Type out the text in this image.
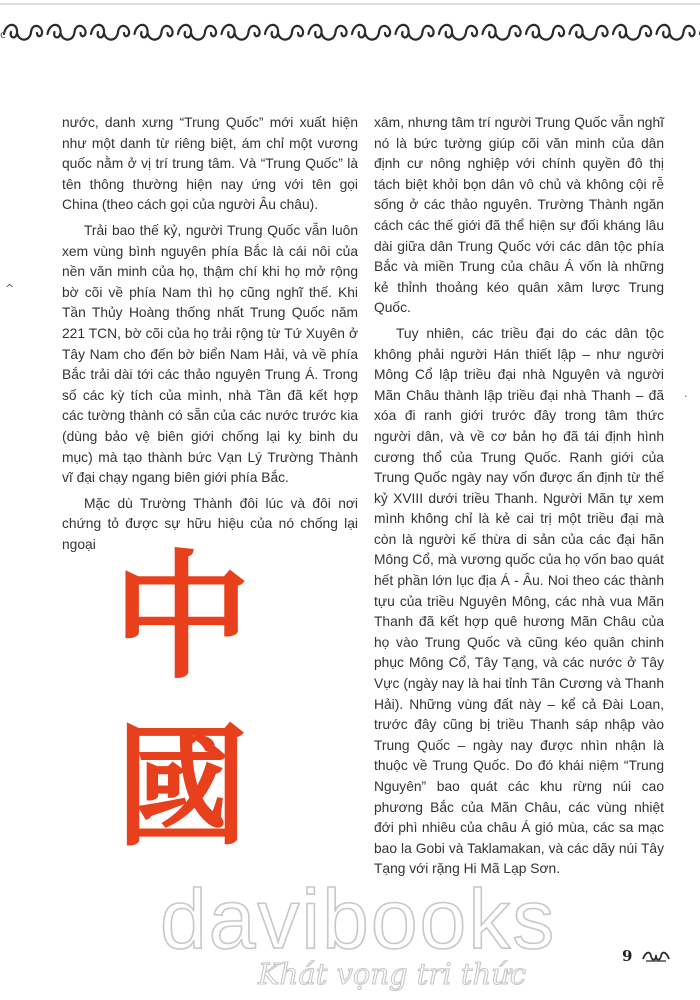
c
^
·

nước, danh xưng “Trung Quốc” mới xuất hiện như một danh từ riêng biệt, ám chỉ một vương quốc nằm ở vị trí trung tâm. Và “Trung Quốc” là tên thông thường hiện nay ứng với tên gọi China (theo cách gọi của người Âu châu).

Trải bao thế kỷ, người Trung Quốc vẫn luôn xem vùng bình nguyên phía Bắc là cái nôi của nền văn minh của họ, thậm chí khi họ mở rộng bờ cõi về phía Nam thì họ cũng nghĩ thế. Khi Tần Thủy Hoàng thống nhất Trung Quốc năm 221 TCN, bờ cõi của họ trải rộng từ Tứ Xuyên ở Tây Nam cho đến bờ biển Nam Hải, và về phía Bắc trải dài tới các thảo nguyên Trung Á. Trong số các kỳ tích của mình, nhà Tần đã kết hợp các tường thành có sẵn của các nước trước kia (dùng bảo vệ biên giới chống lại kỵ binh du mục) mà tạo thành bức Vạn Lý Trường Thành vĩ đại chạy ngang biên giới phía Bắc.

Mặc dù Trường Thành đôi lúc và đôi nơi chứng tỏ được sự hữu hiệu của nó chống lại ngoại

xâm, nhưng tâm trí người Trung Quốc vẫn nghĩ nó là bức tường giúp cõi văn minh của dân định cư nông nghiệp với chính quyền đô thị tách biệt khỏi bọn dân vô chủ và không cội rễ sống ở các thảo nguyên. Trường Thành ngăn cách các thế giới đã thể hiện sự đối kháng lâu dài giữa dân Trung Quốc với các dân tộc phía Bắc và miền Trung của châu Á vốn là những kẻ thỉnh thoảng kéo quân xâm lược Trung Quốc.

Tuy nhiên, các triều đại do các dân tộc không phải người Hán thiết lập – như người Mông Cổ lập triều đại nhà Nguyên và người Mãn Châu thành lập triều đại nhà Thanh – đã xóa đi ranh giới trước đây trong tâm thức người dân, và về cơ bản họ đã tái định hình cương thổ của Trung Quốc. Ranh giới của Trung Quốc ngày nay vốn được ấn định từ thế kỷ XVIII dưới triều Thanh. Người Mãn tự xem mình không chỉ là kẻ cai trị một triều đại mà còn là người kế thừa di sản của các đại hãn Mông Cổ, mà vương quốc của họ vốn bao quát hết phần lớn lục địa Á - Âu. Noi theo các thành tựu của triều Nguyên Mông, các nhà vua Mãn Thanh đã kết hợp quê hương Mãn Châu của họ vào Trung Quốc và cũng kéo quân chinh phục Mông Cổ, Tây Tạng, và các nước ở Tây Vực (ngày nay là hai tỉnh Tân Cương và Thanh Hải). Những vùng đất này – kể cả Đài Loan, trước đây cũng bị triều Thanh sáp nhập vào Trung Quốc – ngày nay được nhìn nhận là thuộc về Trung Quốc. Do đó khái niệm “Trung Nguyên” bao quát các khu rừng núi cao phương Bắc của Mãn Châu, các vùng nhiệt đới phì nhiêu của châu Á gió mùa, các sa mạc bao la Gobi và Taklamakan, và các dãy núi Tây Tạng với rặng Hi Mã Lạp Sơn.

中
國
davibooks
Khát vọng tri thức
9
